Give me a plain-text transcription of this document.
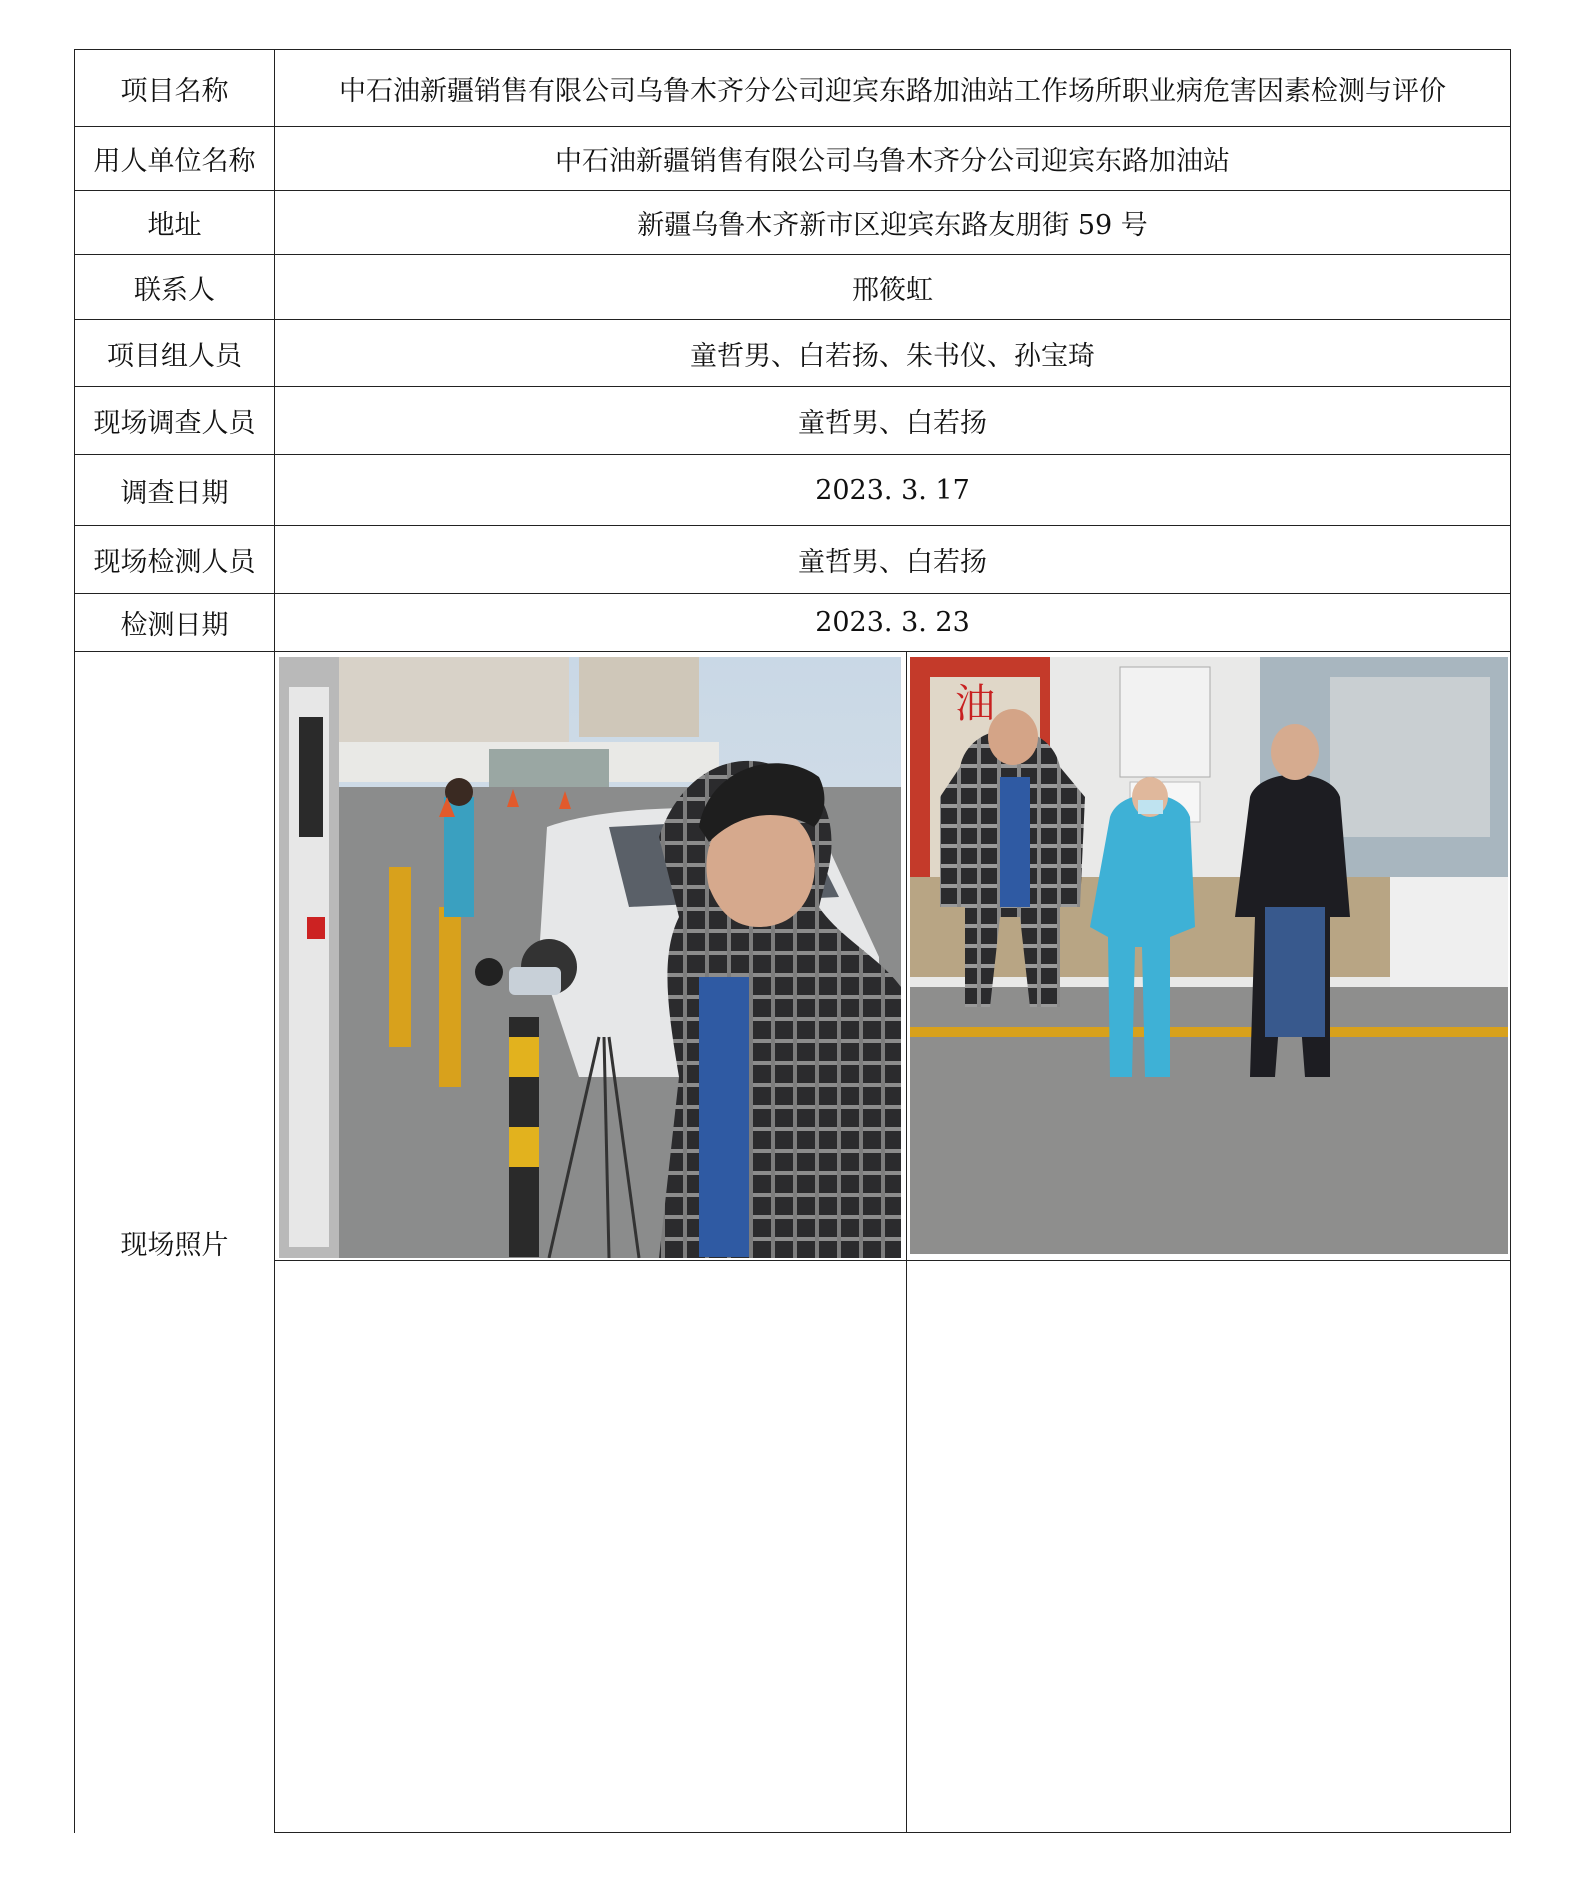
项目名称	中石油新疆销售有限公司乌鲁木齐分公司迎宾东路加油站工作场所职业病危害因素检测与评价
用人单位名称	中石油新疆销售有限公司乌鲁木齐分公司迎宾东路加油站
地址	新疆乌鲁木齐新市区迎宾东路友朋街 59 号
联系人	邢筱虹
项目组人员	童哲男、白若扬、朱书仪、孙宝琦
现场调查人员	童哲男、白若扬
调查日期	2023. 3. 17
现场检测人员	童哲男、白若扬
检测日期	2023. 3. 23
现场照片	油
